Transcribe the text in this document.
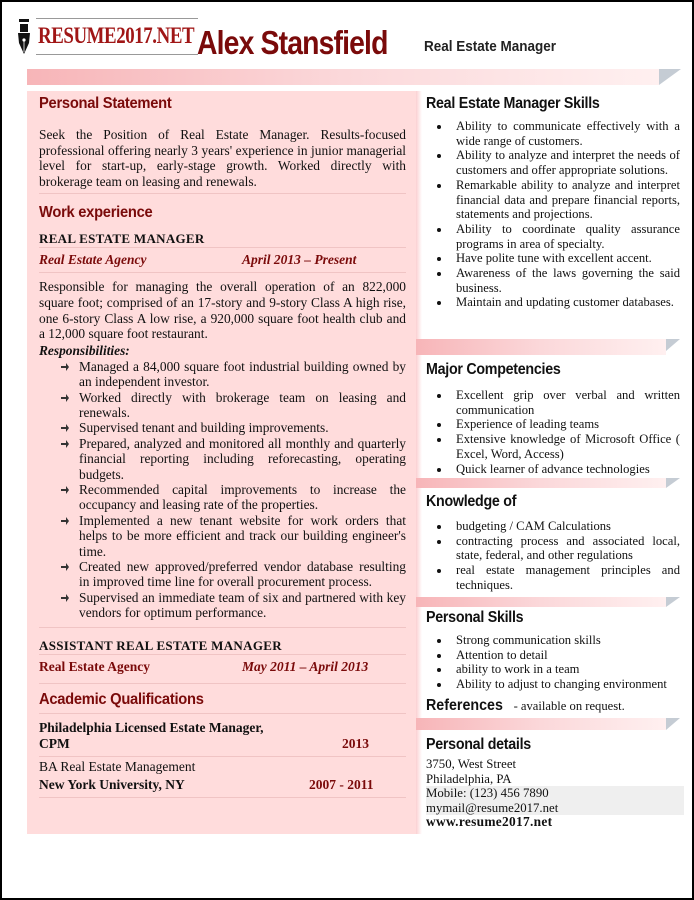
RESUME2017.NET Alex Stansfield Real Estate Manager
Personal Statement
Seek the Position of Real Estate Manager. Results-focused professional offering nearly 3 years' experience in junior managerial level for start-up, early-stage growth. Worked directly with brokerage team on leasing and renewals.
Work experience
REAL ESTATE MANAGER
Real Estate Agency	April 2013 – Present
Responsible for managing the overall operation of an 822,000 square foot; comprised of an 17-story and 9-story Class A high rise, one 6-story Class A low rise, a 920,000 square foot health club and a 12,000 square foot restaurant.
Responsibilities:
Managed a 84,000 square foot industrial building owned by an independent investor.
Worked directly with brokerage team on leasing and renewals.
Supervised tenant and building improvements.
Prepared, analyzed and monitored all monthly and quarterly financial reporting including reforecasting, operating budgets.
Recommended capital improvements to increase the occupancy and leasing rate of the properties.
Implemented a new tenant website for work orders that helps to be more efficient and track our building engineer's time.
Created new approved/preferred vendor database resulting in improved time line for overall procurement process.
Supervised an immediate team of six and partnered with key vendors for optimum performance.
ASSISTANT REAL ESTATE MANAGER
Real Estate Agency	May 2011 – April 2013
Academic Qualifications
Philadelphia Licensed Estate Manager,
CPM	2013
BA Real Estate Management
New York University, NY	2007 - 2011
Real Estate Manager Skills
Ability to communicate effectively with a wide range of customers.
Ability to analyze and interpret the needs of customers and offer appropriate solutions.
Remarkable ability to analyze and interpret financial data and prepare financial reports, statements and projections.
Ability to coordinate quality assurance programs in area of specialty.
Have polite tune with excellent accent.
Awareness of the laws governing the said business.
Maintain and updating customer databases.
Major Competencies
Excellent grip over verbal and written communication
Experience of leading teams
Extensive knowledge of Microsoft Office ( Excel, Word, Access)
Quick learner of advance technologies
Knowledge of
budgeting / CAM Calculations
contracting process and associated local, state, federal, and other regulations
real estate management principles and techniques.
Personal Skills
Strong communication skills
Attention to detail
ability to work in a team
Ability to adjust to changing environment
References - available on request.
Personal details
3750, West Street
Philadelphia, PA
Mobile: (123) 456 7890
mymail@resume2017.net
www.resume2017.net
